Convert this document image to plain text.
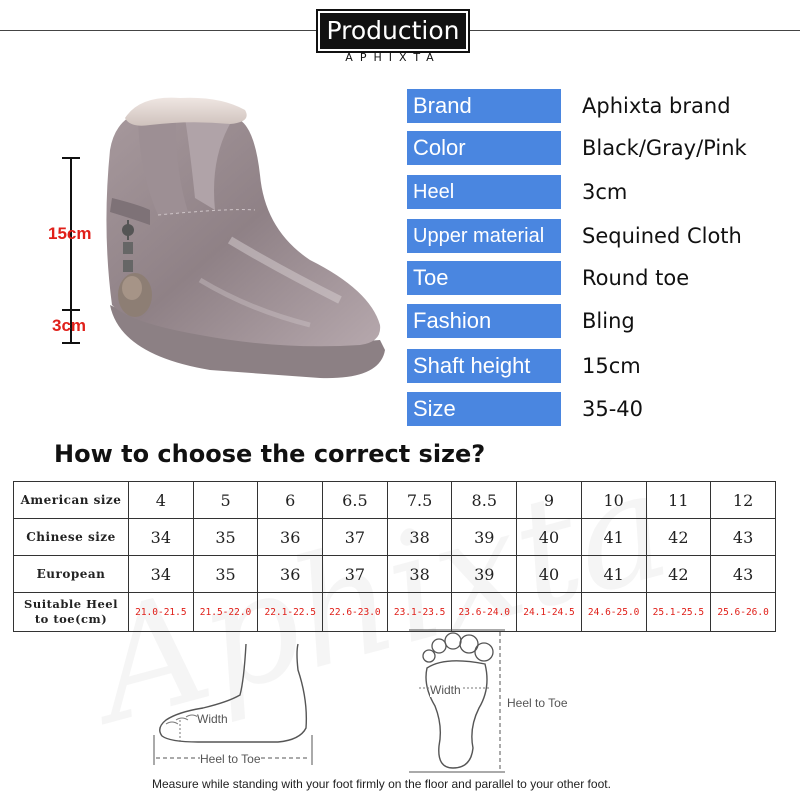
Production
APHIXTA
15cm
3cm
Brand	Aphixta brand
Color	Black/Gray/Pink
Heel	3cm
Upper material	Sequined Cloth
Toe	Round toe
Fashion	Bling
Shaft height	15cm
Size	35-40
How to choose the correct size?
American size	4	5	6	6.5	7.5	8.5	9	10	11	12
Chinese size	34	35	36	37	38	39	40	41	42	43
European	34	35	36	37	38	39	40	41	42	43

Suitable Heel
to toe(cm)	21.0-21.5	21.5-22.0	22.1-22.5	22.6-23.0	23.1-23.5	23.6-24.0	24.1-24.5	24.6-25.0	25.1-25.5	25.6-26.0
Width
Heel to Toe
Width
Heel to Toe
Measure while standing with your foot firmly on the floor and parallel to your other foot.
